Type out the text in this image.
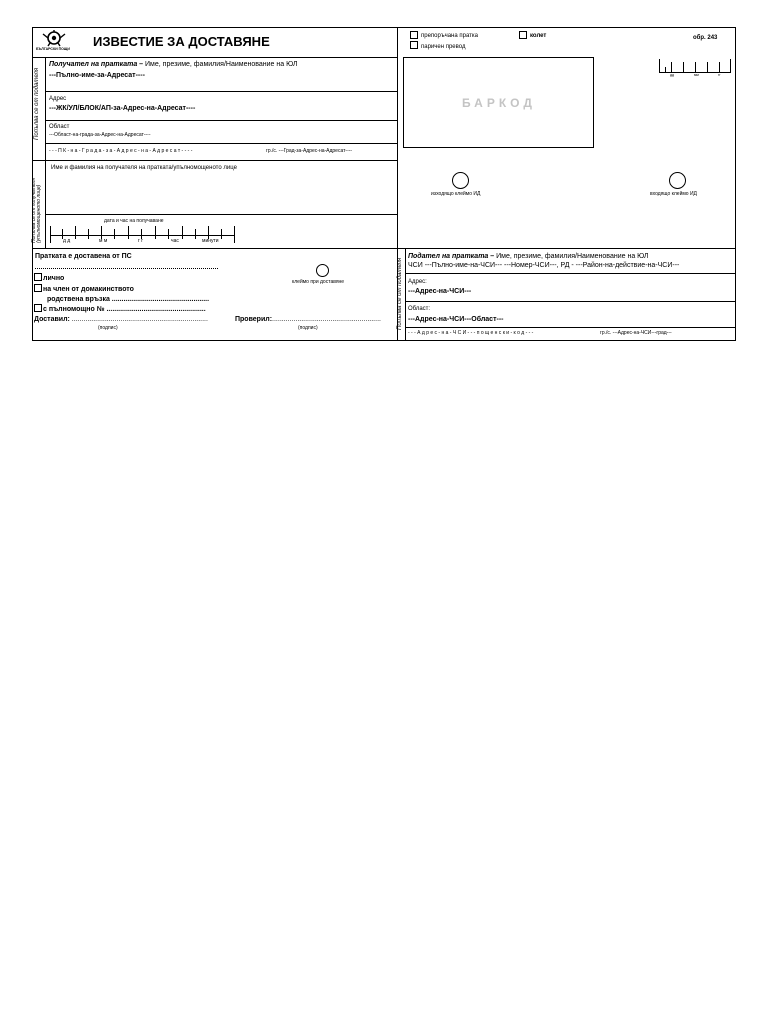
БЪЛГАРСКИ ПОЩИ ИЗВЕСТИЕ ЗА ДОСТАВЯНЕ	препоръчана пратка	колет
паричен превод
обр. 243
БАРКОД
дд	мм	гг
изходящо клеймо ИД	входящо клеймо ИД
Попълва се от подателя
Попълва се от получателя (упълномощеното лице)
Получател на пратката – Име, презиме, фамилия/Наименование на ЮЛ
---Пълно-име-за-Адресат----
Адрес
---ЖК/УЛ/БЛОК/АП-за-Адрес-на-Адресат----
Област
---Област-на-града-за-Адрес-на-Адресат----
- - - П К - н а - Г р а д а - з а - А д р е с - н а - А д р е с а т - - - -	гр./с. ---Град-за-Адрес-на-Адресат----
Име и фамилия на получателя на пратката/упълномощеното лице
дата и час на получаване
д д	м м	г г	час	минути
Пратката е доставена от ПС
лично
на член от домакинството
родствена връзка ..................................................
с пълномощно № ...................................................
Доставил: ......................................................................	Проверил:........................................................
(подпис)	(подпис)
клеймо при доставяне	Попълва се от подателя
Подател на пратката – Име, презиме, фамилия/Наименование на ЮЛ
ЧСИ ---Пълно-име-на-ЧСИ--- ---Номер-ЧСИ---, РД - ---Район-на-действие-на-ЧСИ---
Адрес:
---Адрес-на-ЧСИ---
Област:
---Адрес-на-ЧСИ---Област---
- - - А д р е с - н а - Ч С И - - - п о щ е н с к и - к о д - - -	гр./с. ---Адрес-на-ЧСИ---град---
